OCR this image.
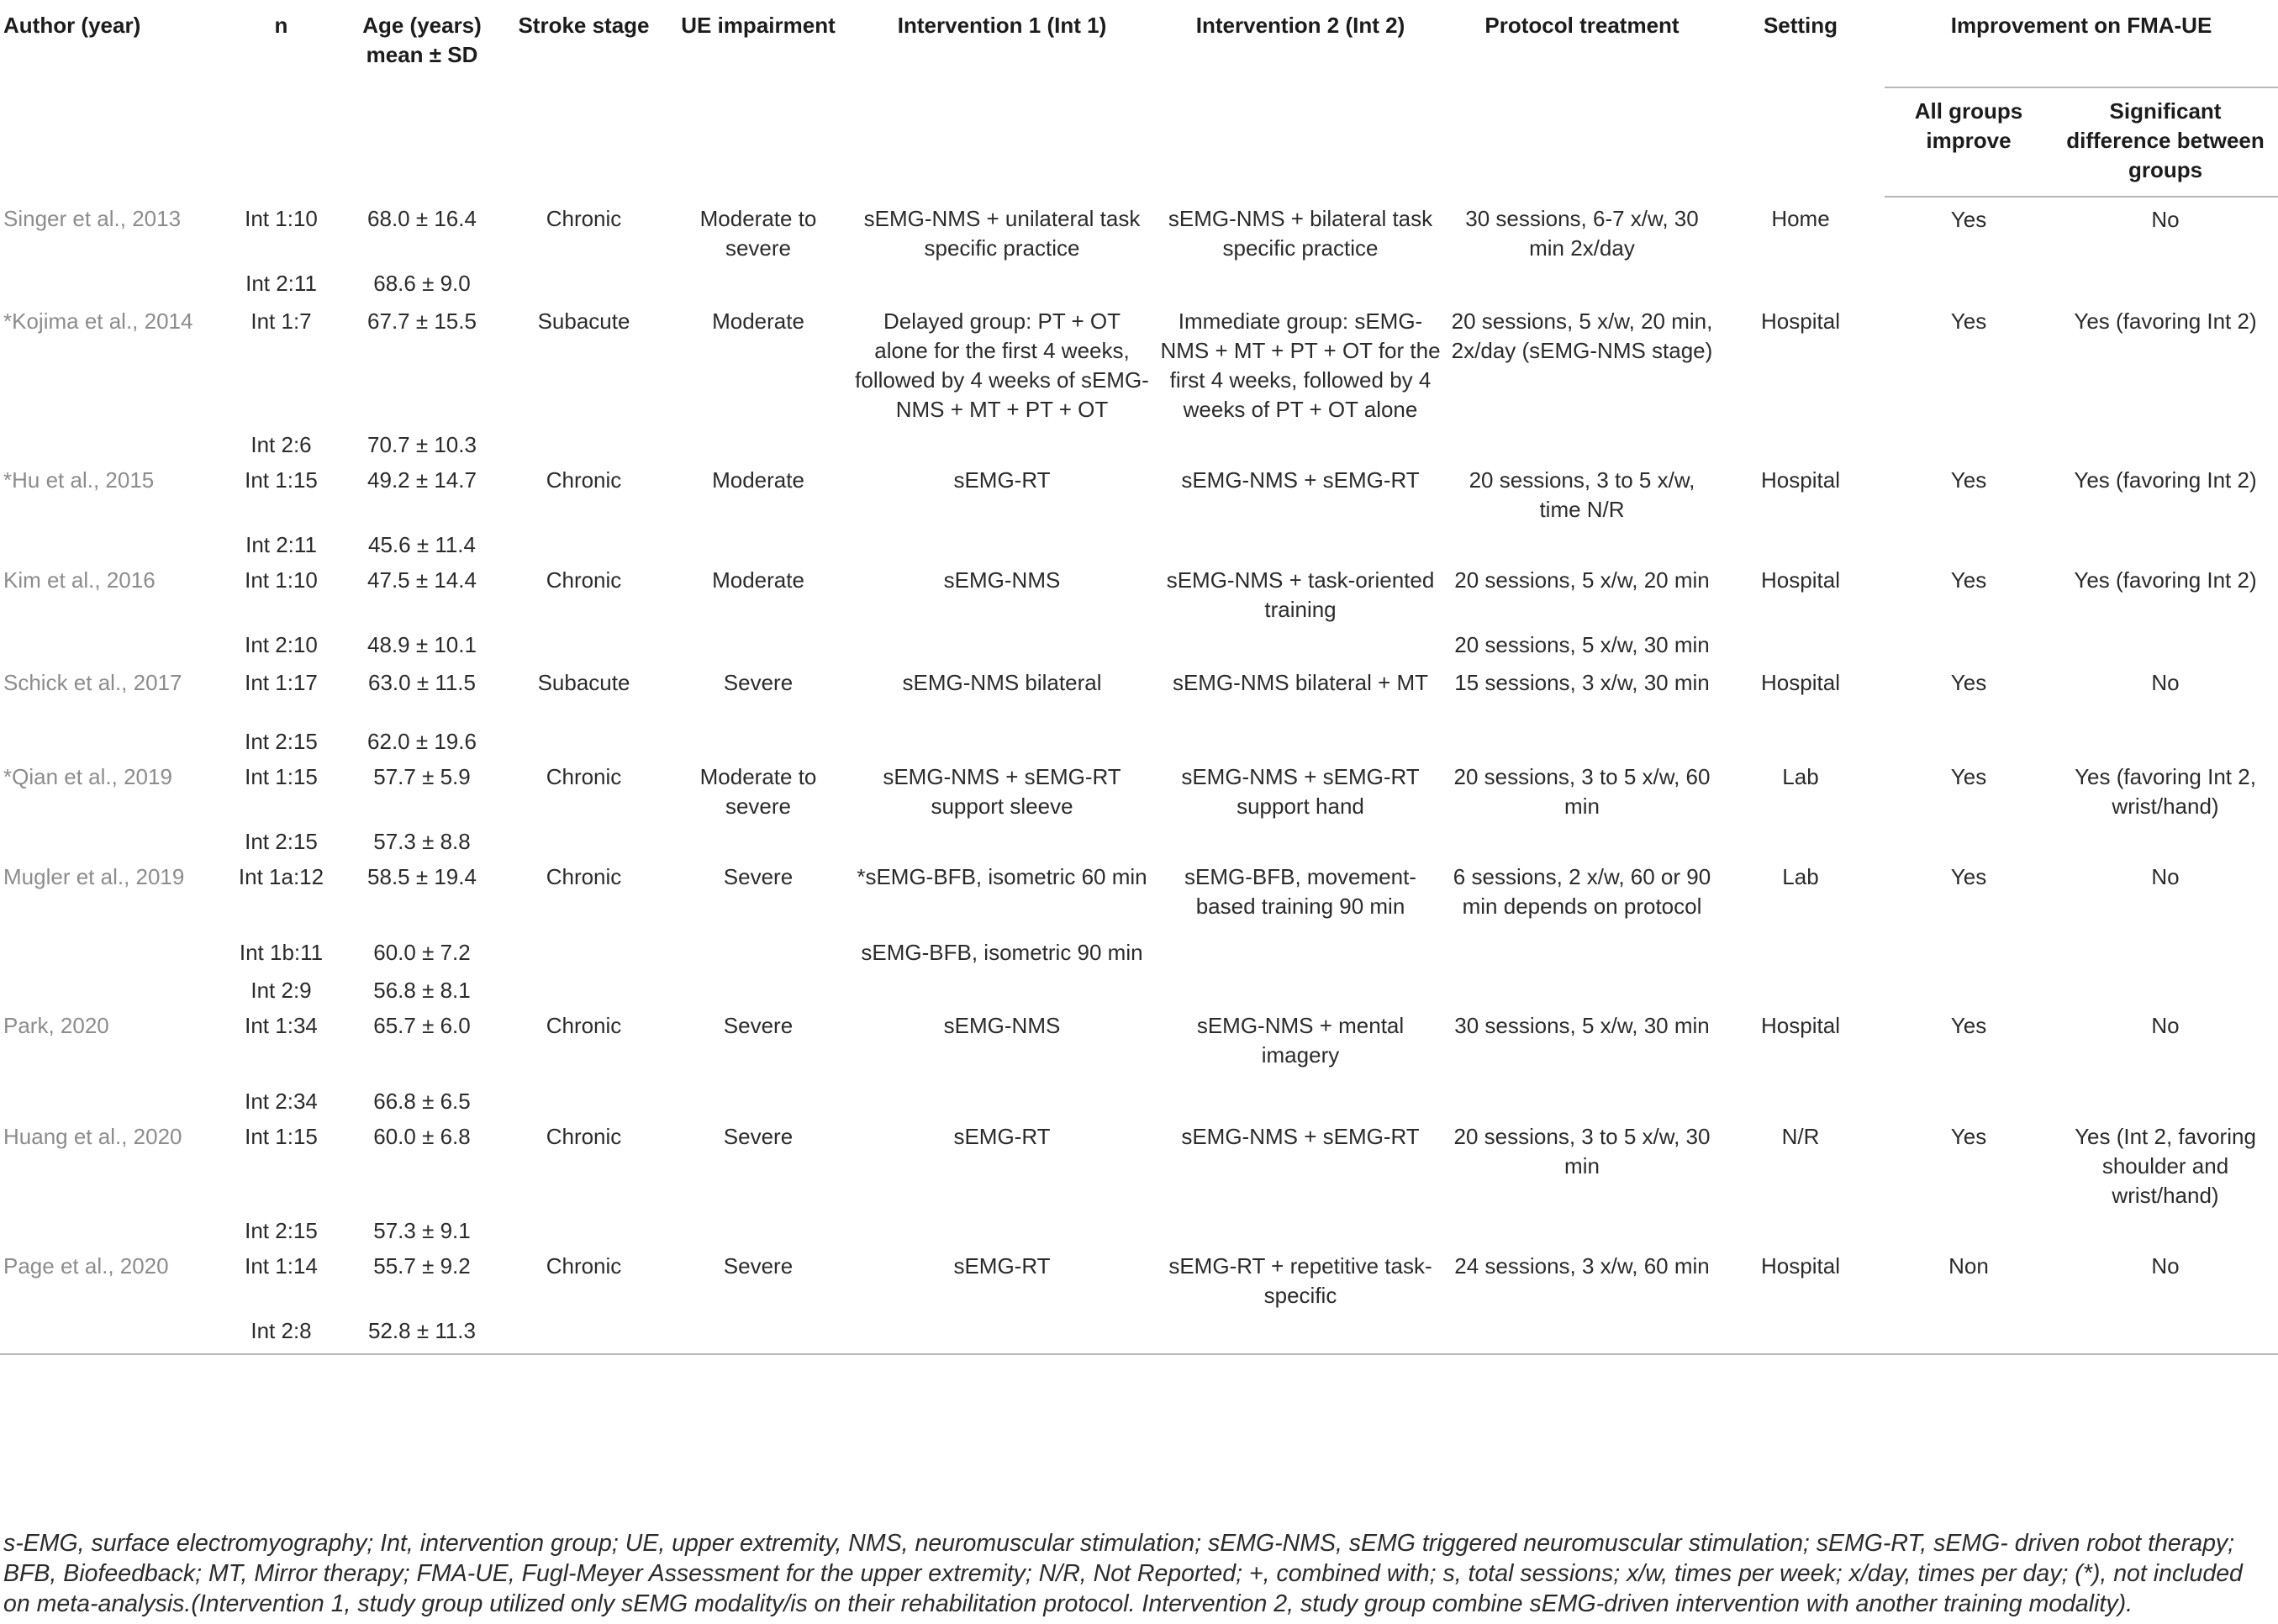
Author (year)	n	Age (years) mean ± SD	Stroke stage	UE impairment	Intervention 1 (Int 1)	Intervention 2 (Int 2)	Protocol treatment	Setting	Improvement on FMA-UE	
									All groups improve	Significant difference between groups
Singer et al., 2013	Int 1:10	68.0 ± 16.4	Chronic	Moderate to severe	sEMG-NMS + unilateral task specific practice	sEMG-NMS + bilateral task specific practice	30 sessions, 6-7 x/w, 30 min 2x/day	Home	Yes	No
	Int 2:11	68.6 ± 9.0								
*Kojima et al., 2014	Int 1:7	67.7 ± 15.5	Subacute	Moderate	Delayed group: PT + OT alone for the first 4 weeks, followed by 4 weeks of sEMG-NMS + MT + PT + OT	Immediate group: sEMG-NMS + MT + PT + OT for the first 4 weeks, followed by 4 weeks of PT + OT alone	20 sessions, 5 x/w, 20 min, 2x/day (sEMG-NMS stage)	Hospital	Yes	Yes (favoring Int 2)
	Int 2:6	70.7 ± 10.3								
*Hu et al., 2015	Int 1:15	49.2 ± 14.7	Chronic	Moderate	sEMG-RT	sEMG-NMS + sEMG-RT	20 sessions, 3 to 5 x/w, time N/R	Hospital	Yes	Yes (favoring Int 2)
	Int 2:11	45.6 ± 11.4								
Kim et al., 2016	Int 1:10	47.5 ± 14.4	Chronic	Moderate	sEMG-NMS	sEMG-NMS + task-oriented training	20 sessions, 5 x/w, 20 min	Hospital	Yes	Yes (favoring Int 2)
	Int 2:10	48.9 ± 10.1					20 sessions, 5 x/w, 30 min			
Schick et al., 2017	Int 1:17	63.0 ± 11.5	Subacute	Severe	sEMG-NMS bilateral	sEMG-NMS bilateral + MT	15 sessions, 3 x/w, 30 min	Hospital	Yes	No
	Int 2:15	62.0 ± 19.6								
*Qian et al., 2019	Int 1:15	57.7 ± 5.9	Chronic	Moderate to severe	sEMG-NMS + sEMG-RT support sleeve	sEMG-NMS + sEMG-RT support hand	20 sessions, 3 to 5 x/w, 60 min	Lab	Yes	Yes (favoring Int 2, wrist/hand)
	Int 2:15	57.3 ± 8.8								
Mugler et al., 2019	Int 1a:12	58.5 ± 19.4	Chronic	Severe	*sEMG-BFB, isometric 60 min	sEMG-BFB, movement-based training 90 min	6 sessions, 2 x/w, 60 or 90 min depends on protocol	Lab	Yes	No
	Int 1b:11	60.0 ± 7.2			sEMG-BFB, isometric 90 min					
	Int 2:9	56.8 ± 8.1								
Park, 2020	Int 1:34	65.7 ± 6.0	Chronic	Severe	sEMG-NMS	sEMG-NMS + mental imagery	30 sessions, 5 x/w, 30 min	Hospital	Yes	No
	Int 2:34	66.8 ± 6.5								
Huang et al., 2020	Int 1:15	60.0 ± 6.8	Chronic	Severe	sEMG-RT	sEMG-NMS + sEMG-RT	20 sessions, 3 to 5 x/w, 30 min	N/R	Yes	Yes (Int 2, favoring shoulder and wrist/hand)
	Int 2:15	57.3 ± 9.1								
Page et al., 2020	Int 1:14	55.7 ± 9.2	Chronic	Severe	sEMG-RT	sEMG-RT + repetitive task-specific	24 sessions, 3 x/w, 60 min	Hospital	Non	No
	Int 2:8	52.8 ± 11.3								
s-EMG, surface electromyography; Int, intervention group; UE, upper extremity, NMS, neuromuscular stimulation; sEMG-NMS, sEMG triggered neuromuscular stimulation; sEMG-RT, sEMG- driven robot therapy; BFB, Biofeedback; MT, Mirror therapy; FMA-UE, Fugl-Meyer Assessment for the upper extremity; N/R, Not Reported; +, combined with; s, total sessions; x/w, times per week; x/day, times per day; (*), not included on meta-analysis.(Intervention 1, study group utilized only sEMG modality/is on their rehabilitation protocol. Intervention 2, study group combine sEMG-driven intervention with another training modality).
